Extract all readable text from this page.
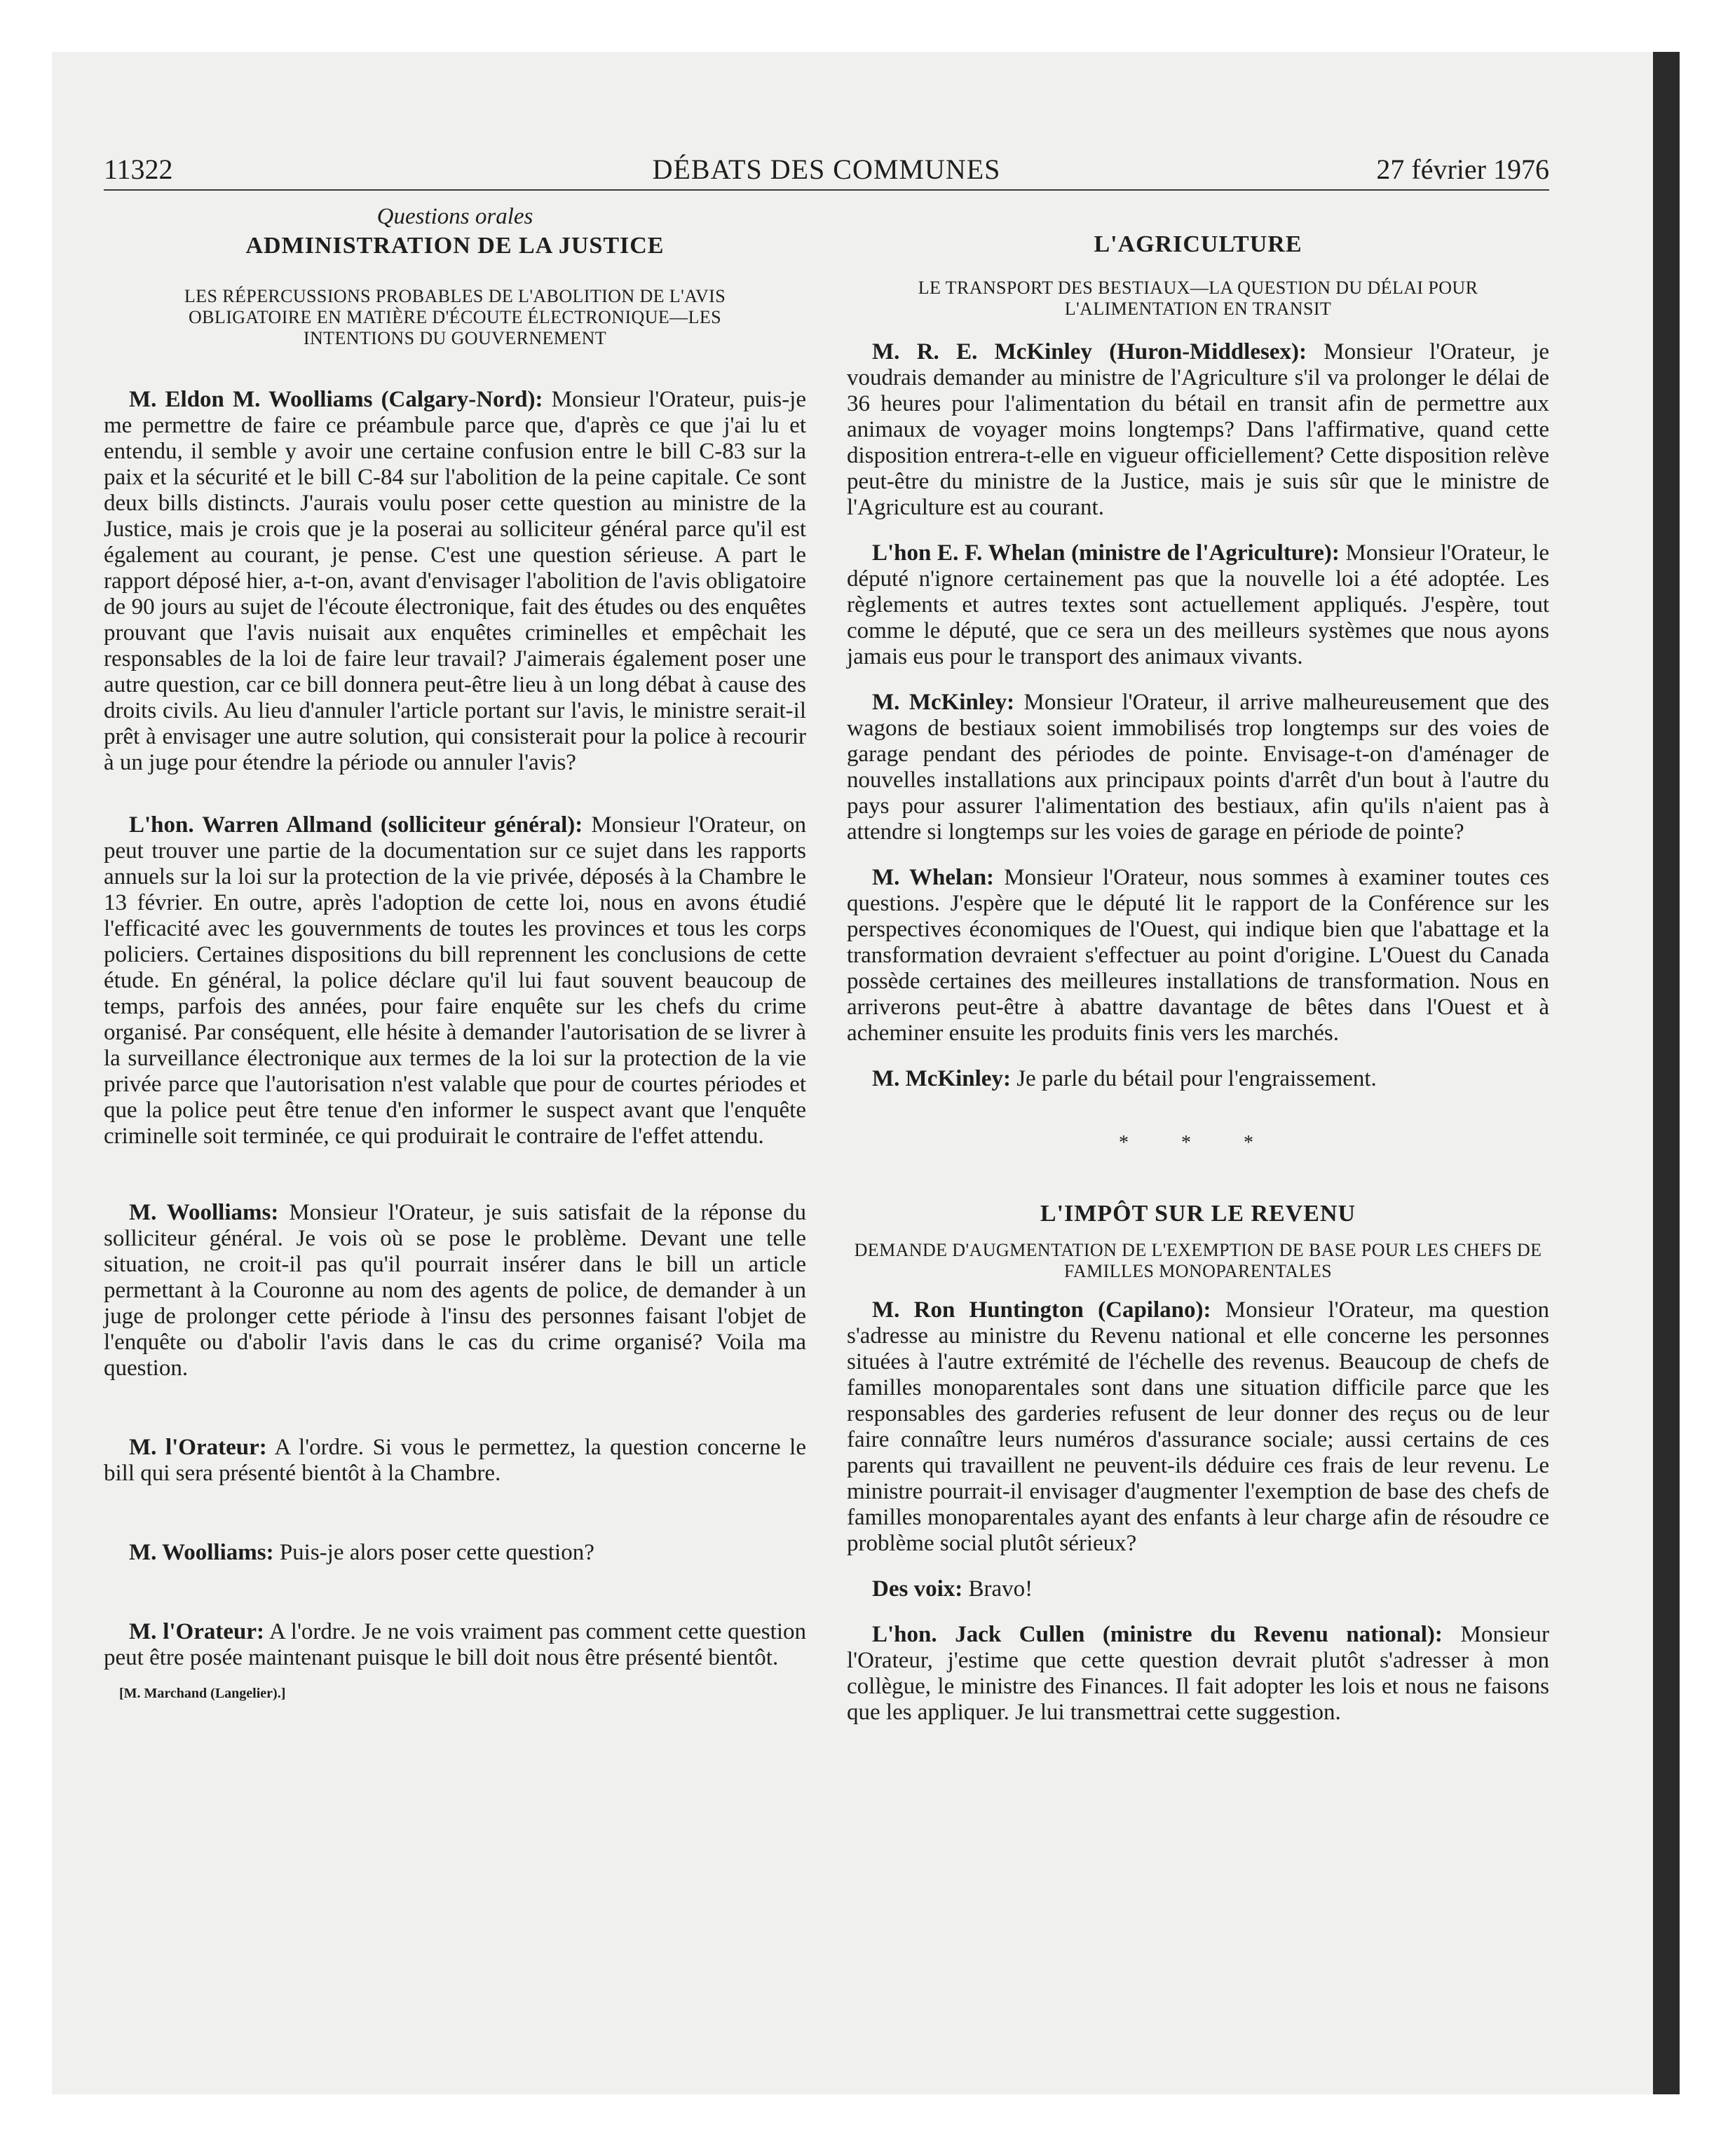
11322	DÉBATS DES COMMUNES	27 février 1976

Questions orales

ADMINISTRATION DE LA JUSTICE

LES RÉPERCUSSIONS PROBABLES DE L'ABOLITION DE L'AVIS OBLIGATOIRE EN MATIÈRE D'ÉCOUTE ÉLECTRONIQUE—LES INTENTIONS DU GOUVERNEMENT

M. Eldon M. Woolliams (Calgary-Nord): Monsieur l'Orateur, puis-je me permettre de faire ce préambule parce que, d'après ce que j'ai lu et entendu, il semble y avoir une certaine confusion entre le bill C-83 sur la paix et la sécurité et le bill C-84 sur l'abolition de la peine capitale. Ce sont deux bills distincts. J'aurais voulu poser cette question au ministre de la Justice, mais je crois que je la poserai au solliciteur général parce qu'il est également au courant, je pense. C'est une question sérieuse. A part le rapport déposé hier, a-t-on, avant d'envisager l'abolition de l'avis obligatoire de 90 jours au sujet de l'écoute électronique, fait des études ou des enquêtes prouvant que l'avis nuisait aux enquêtes criminelles et empêchait les responsables de la loi de faire leur travail? J'aimerais également poser une autre question, car ce bill donnera peut-être lieu à un long débat à cause des droits civils. Au lieu d'annuler l'article portant sur l'avis, le ministre serait-il prêt à envisager une autre solution, qui consisterait pour la police à recourir à un juge pour étendre la période ou annuler l'avis?

L'hon. Warren Allmand (solliciteur général): Monsieur l'Orateur, on peut trouver une partie de la documentation sur ce sujet dans les rapports annuels sur la loi sur la protection de la vie privée, déposés à la Chambre le 13 février. En outre, après l'adoption de cette loi, nous en avons étudié l'efficacité avec les gouvernments de toutes les provinces et tous les corps policiers. Certaines dispositions du bill reprennent les conclusions de cette étude. En général, la police déclare qu'il lui faut souvent beaucoup de temps, parfois des années, pour faire enquête sur les chefs du crime organisé. Par conséquent, elle hésite à demander l'autorisation de se livrer à la surveillance électronique aux termes de la loi sur la protection de la vie privée parce que l'autorisation n'est valable que pour de courtes périodes et que la police peut être tenue d'en informer le suspect avant que l'enquête criminelle soit terminée, ce qui produirait le contraire de l'effet attendu.

M. Woolliams: Monsieur l'Orateur, je suis satisfait de la réponse du solliciteur général. Je vois où se pose le problème. Devant une telle situation, ne croit-il pas qu'il pourrait insérer dans le bill un article permettant à la Couronne au nom des agents de police, de demander à un juge de prolonger cette période à l'insu des personnes faisant l'objet de l'enquête ou d'abolir l'avis dans le cas du crime organisé? Voila ma question.

M. l'Orateur: A l'ordre. Si vous le permettez, la question concerne le bill qui sera présenté bientôt à la Chambre.

M. Woolliams: Puis-je alors poser cette question?

M. l'Orateur: A l'ordre. Je ne vois vraiment pas comment cette question peut être posée maintenant puisque le bill doit nous être présenté bientôt.

[M. Marchand (Langelier).]

L'AGRICULTURE

LE TRANSPORT DES BESTIAUX—LA QUESTION DU DÉLAI POUR L'ALIMENTATION EN TRANSIT

M. R. E. McKinley (Huron-Middlesex): Monsieur l'Orateur, je voudrais demander au ministre de l'Agriculture s'il va prolonger le délai de 36 heures pour l'alimentation du bétail en transit afin de permettre aux animaux de voyager moins longtemps? Dans l'affirmative, quand cette disposition entrera-t-elle en vigueur officiellement? Cette disposition relève peut-être du ministre de la Justice, mais je suis sûr que le ministre de l'Agriculture est au courant.

L'hon E. F. Whelan (ministre de l'Agriculture): Monsieur l'Orateur, le député n'ignore certainement pas que la nouvelle loi a été adoptée. Les règlements et autres textes sont actuellement appliqués. J'espère, tout comme le député, que ce sera un des meilleurs systèmes que nous ayons jamais eus pour le transport des animaux vivants.

M. McKinley: Monsieur l'Orateur, il arrive malheureusement que des wagons de bestiaux soient immobilisés trop longtemps sur des voies de garage pendant des périodes de pointe. Envisage-t-on d'aménager de nouvelles installations aux principaux points d'arrêt d'un bout à l'autre du pays pour assurer l'alimentation des bestiaux, afin qu'ils n'aient pas à attendre si longtemps sur les voies de garage en période de pointe?

M. Whelan: Monsieur l'Orateur, nous sommes à examiner toutes ces questions. J'espère que le député lit le rapport de la Conférence sur les perspectives économiques de l'Ouest, qui indique bien que l'abattage et la transformation devraient s'effectuer au point d'origine. L'Ouest du Canada possède certaines des meilleures installations de transformation. Nous en arriverons peut-être à abattre davantage de bêtes dans l'Ouest et à acheminer ensuite les produits finis vers les marchés.

M. McKinley: Je parle du bétail pour l'engraissement.

* * *

L'IMPÔT SUR LE REVENU

DEMANDE D'AUGMENTATION DE L'EXEMPTION DE BASE POUR LES CHEFS DE FAMILLES MONOPARENTALES

M. Ron Huntington (Capilano): Monsieur l'Orateur, ma question s'adresse au ministre du Revenu national et elle concerne les personnes situées à l'autre extrémité de l'échelle des revenus. Beaucoup de chefs de familles monoparentales sont dans une situation difficile parce que les responsables des garderies refusent de leur donner des reçus ou de leur faire connaître leurs numéros d'assurance sociale; aussi certains de ces parents qui travaillent ne peuvent-ils déduire ces frais de leur revenu. Le ministre pourrait-il envisager d'augmenter l'exemption de base des chefs de familles monoparentales ayant des enfants à leur charge afin de résoudre ce problème social plutôt sérieux?

Des voix: Bravo!

L'hon. Jack Cullen (ministre du Revenu national): Monsieur l'Orateur, j'estime que cette question devrait plutôt s'adresser à mon collègue, le ministre des Finances. Il fait adopter les lois et nous ne faisons que les appliquer. Je lui transmettrai cette suggestion.
